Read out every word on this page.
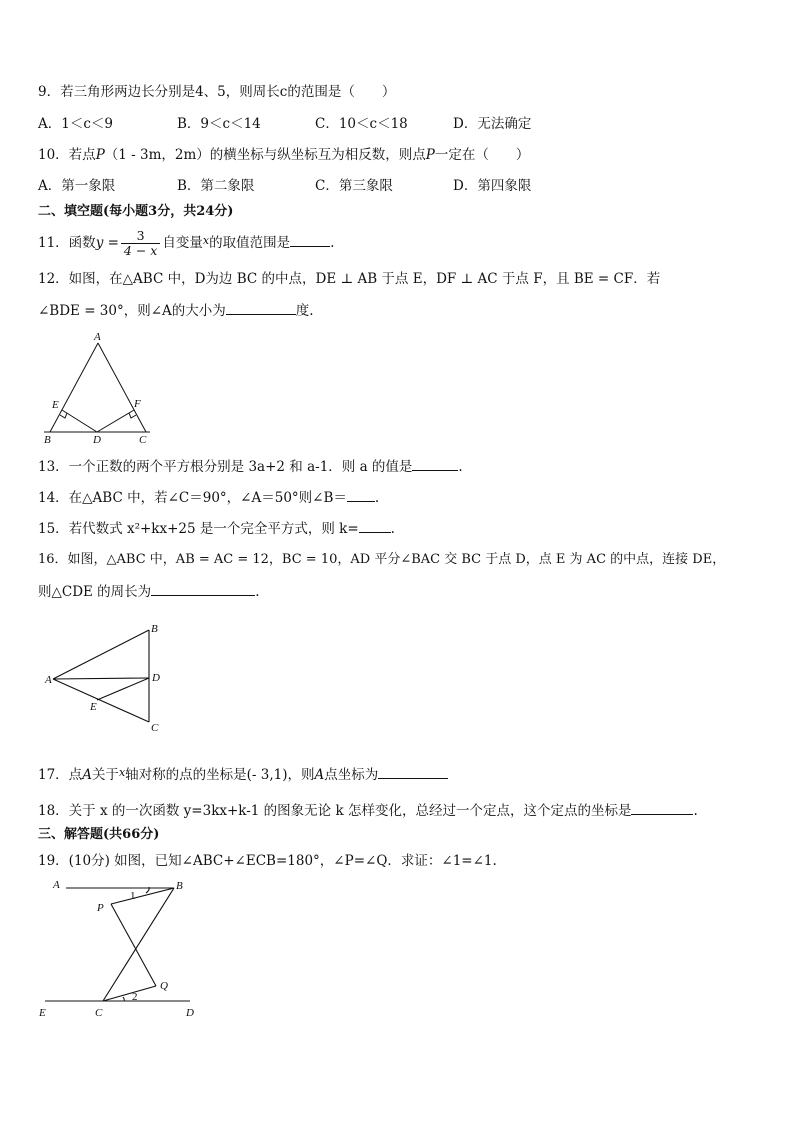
9．若三角形两边长分别是4、5，则周长c的范围是（　　）
A．1＜c＜9	B．9＜c＜14	C．10＜c＜18	D．无法确定
10．若点P（1 - 3m，2m）的横坐标与纵坐标互为相反数，则点P一定在（　　）
A．第一象限	B．第二象限	C．第三象限	D．第四象限
二、填空题(每小题3分，共24分)
11．函数$y = \frac{3}{4 - x}$ 自变量$^x$的取值范围是	.
12．如图，在△ABC 中，D为边 BC 的中点，DE ⊥ AB 于点 E，DF ⊥ AC 于点 F，且 BE = CF．若
∠BDE = 30°，则∠A的大小为	度.
A
B	C
D
E	F
13．一个正数的两个平方根分别是 3a+2 和 a-1．则 a 的值是	.
14．在△ABC 中，若∠C＝90°，∠A＝50°则∠B＝ .
15．若代数式 x²+kx+25 是一个完全平方式，则 k= .
16．如图，△ABC 中，AB = AC = 12，BC = 10，AD 平分∠BAC 交 BC 于点 D，点 E 为 AC 的中点，连接 DE，
则△CDE 的周长为	.
B
C
D
A
E
17．点A关于$^x$轴对称的点的坐标是(- 3,1)，则A点坐标为
18．关于 x 的一次函数 y=3kx+k-1 的图象无论 k 怎样变化，总经过一个定点，这个定点的坐标是	.
三、解答题(共66分)
19．(10分) 如图，已知∠ABC+∠ECB=180°，∠P=∠Q．求证：∠1=∠1.
A	B
P
Q
C	D
E
1
2
